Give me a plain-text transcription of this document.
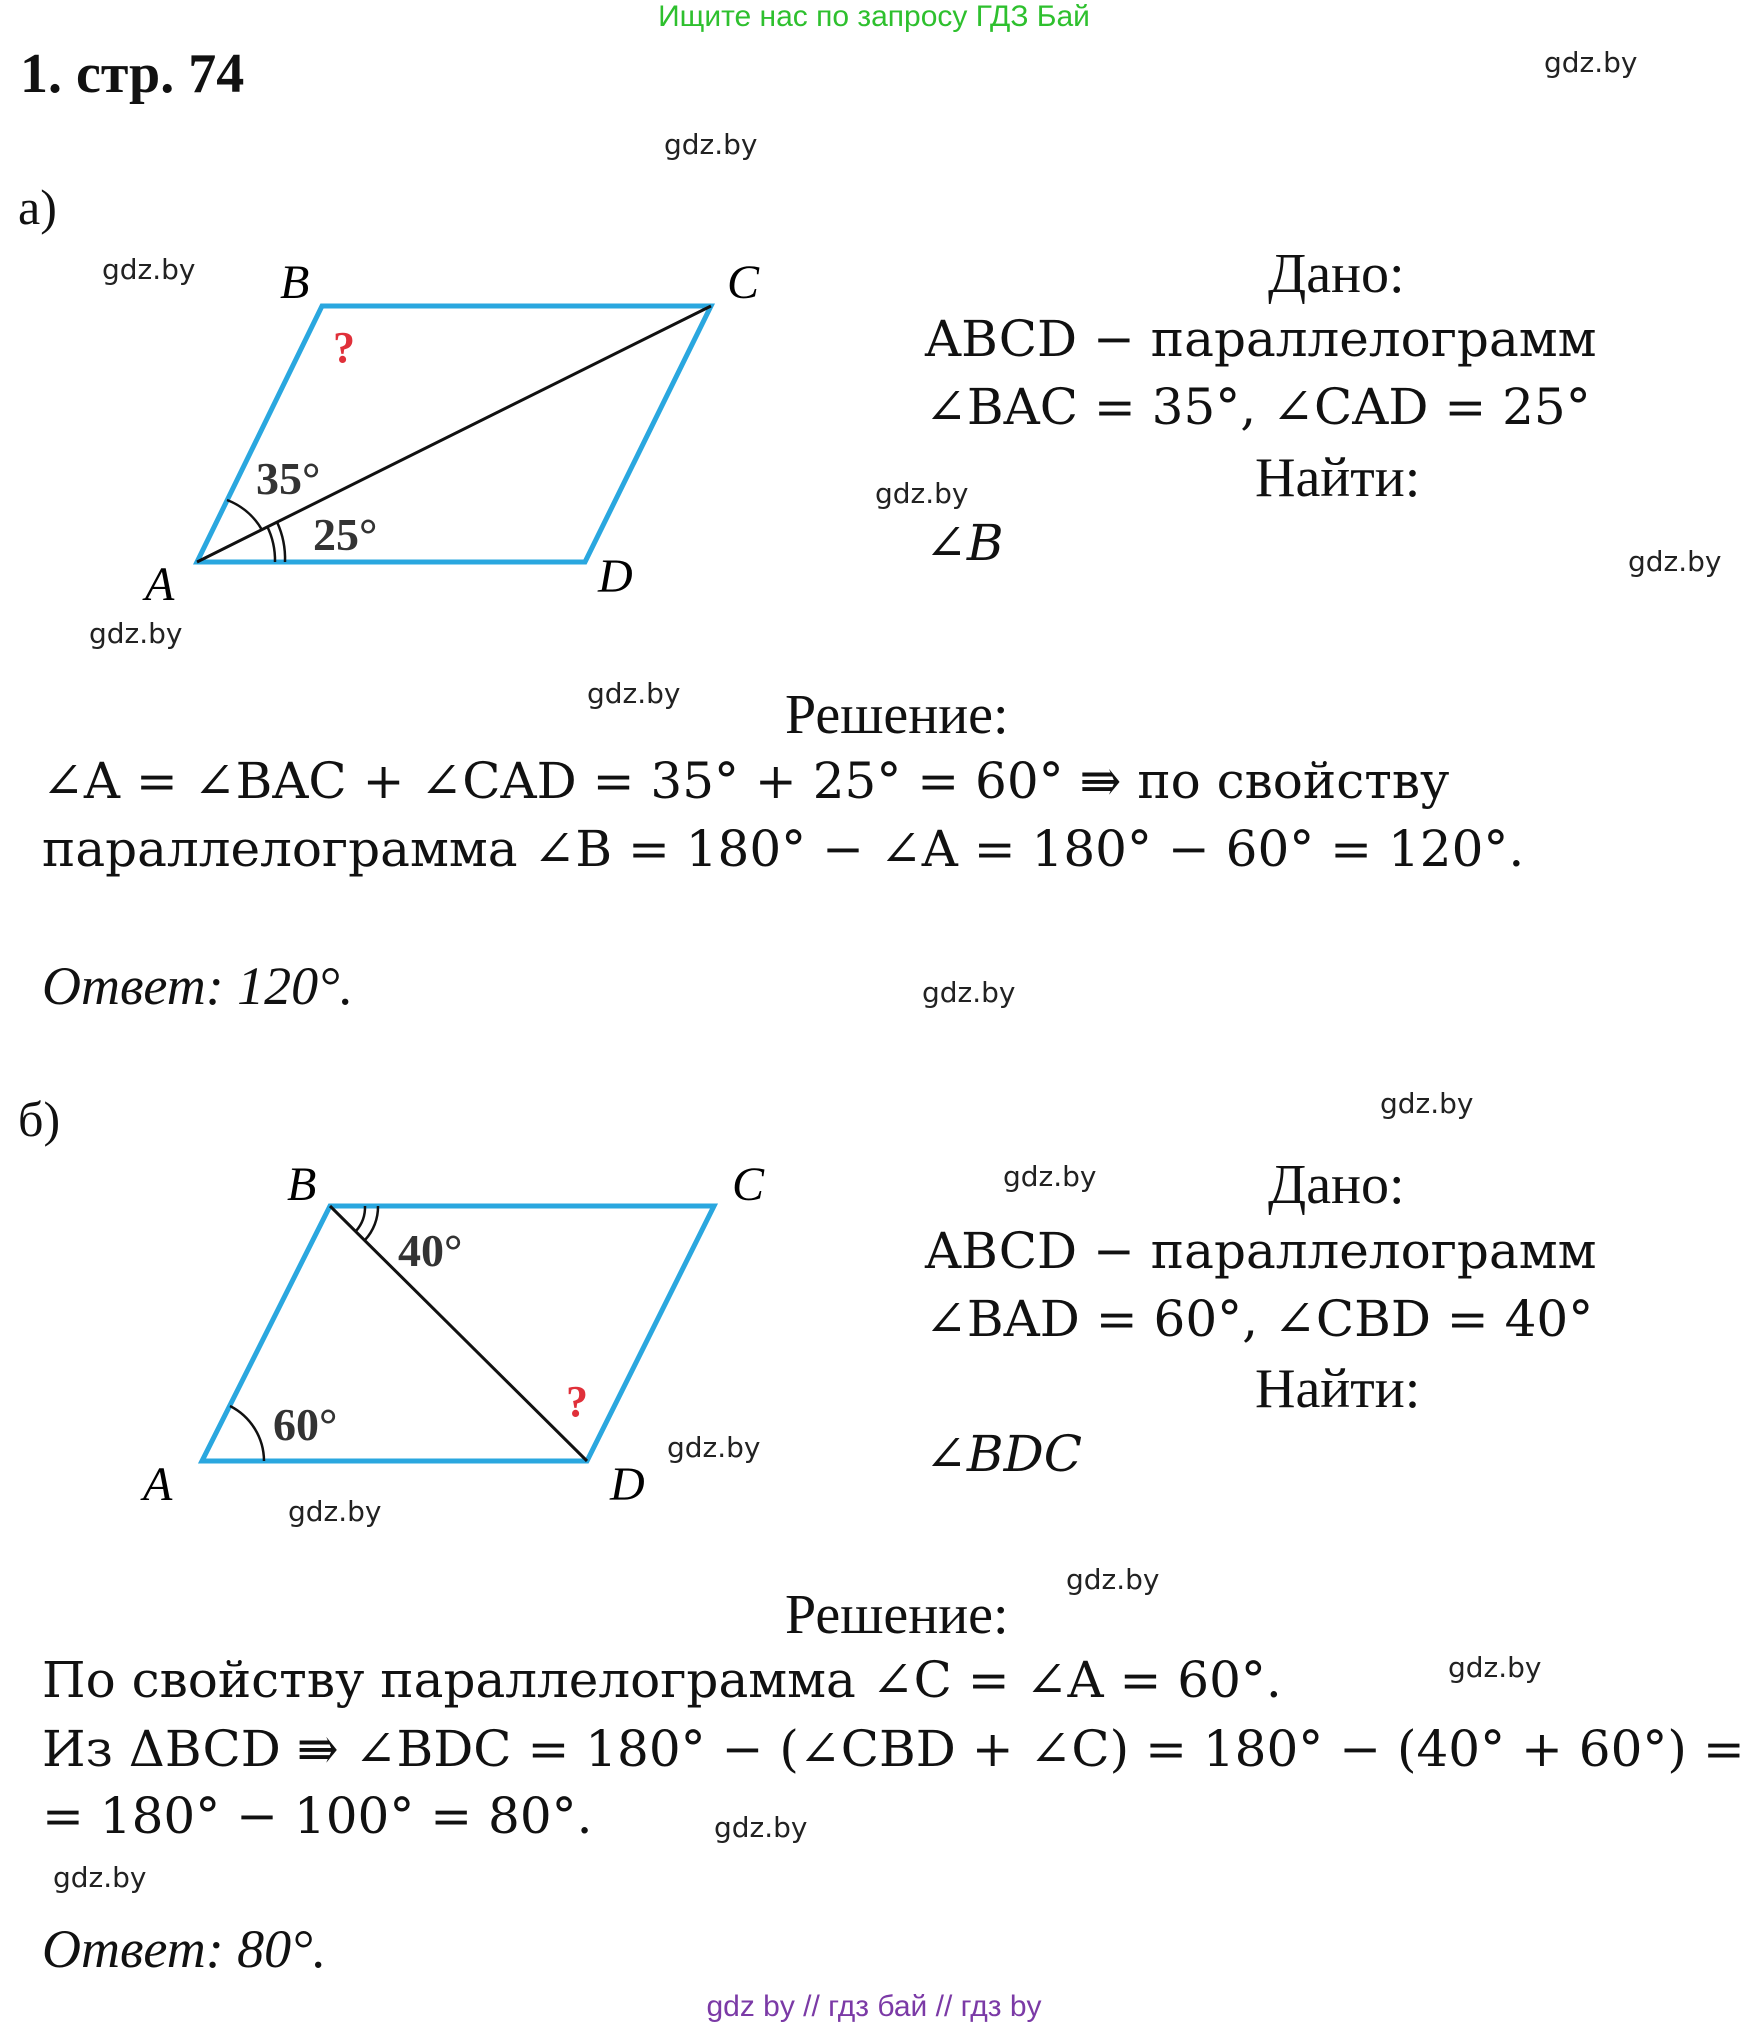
Ищите нас по запросу ГДЗ Бай
1. стр. 74	gdz.by
gdz.by
gdz.by
gdz.by
gdz.by
gdz.by
gdz.by
gdz.by
gdz.by
gdz.by
gdz.by
gdz.by
gdz.by
gdz.by
gdz.by
gdz.by
а)
A
B	C
D
35°
25°
?
Дано:
ABCD − параллелограмм
∠BAC = 35°, ∠CAD = 25°
Найти:
∠B
Решение:
∠A = ∠BAC + ∠CAD = 35° + 25° = 60° ⇛ по свойству
параллелограмма ∠B = 180° − ∠A = 180° − 60° = 120°.
Ответ: 120°.
б)
A
B	C
D
40°
60°	?
Дано:
ABCD − параллелограмм
∠BAD = 60°, ∠CBD = 40°
Найти:
∠BDC
Решение:
По свойству параллелограмма ∠C = ∠A = 60°.
Из ΔBCD ⇛ ∠BDC = 180° − (∠CBD + ∠C) = 180° − (40° + 60°) =
= 180° − 100° = 80°.
Ответ: 80°.
gdz by // гдз бай // гдз by
